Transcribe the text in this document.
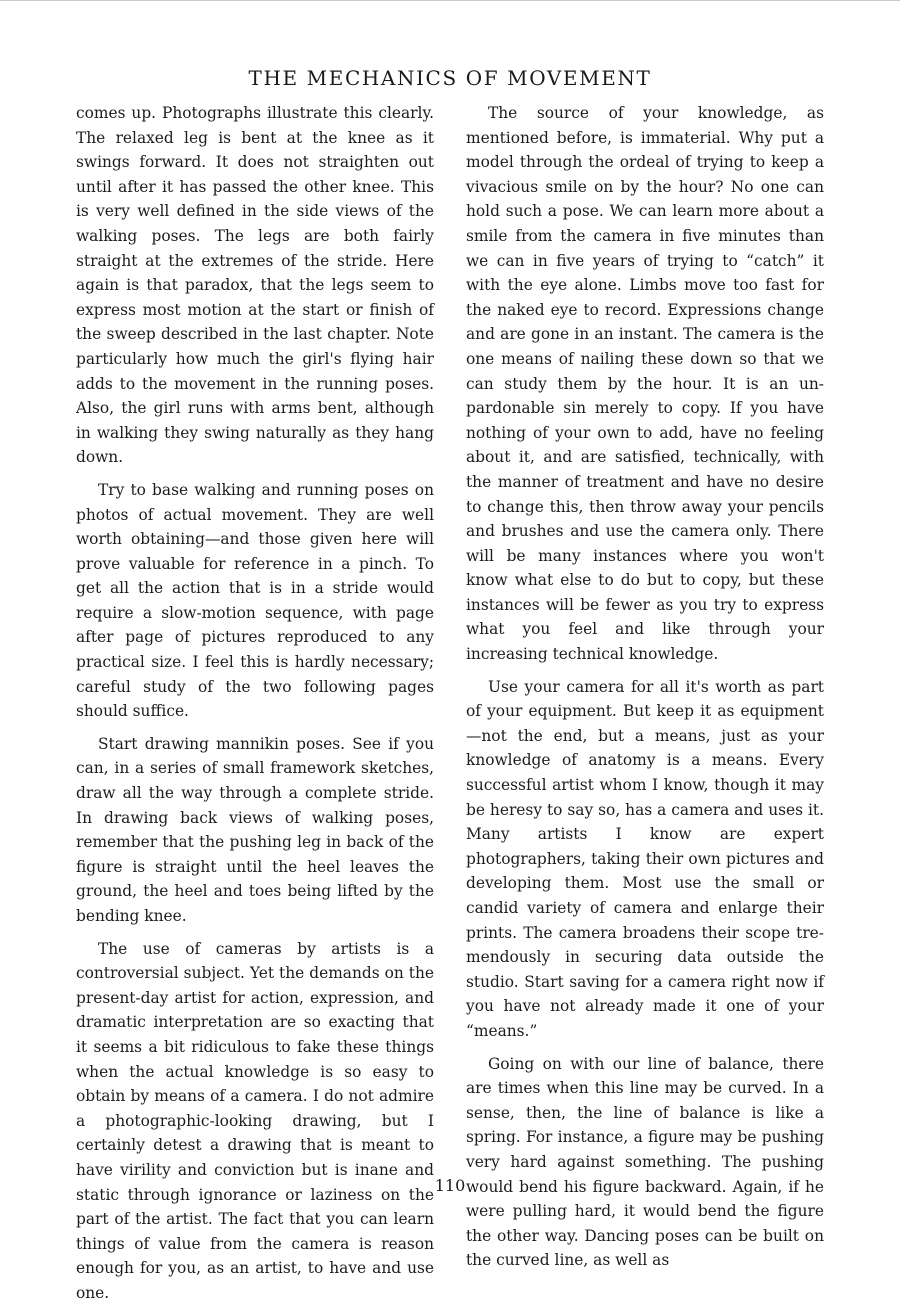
THE MECHANICS OF MOVEMENT

comes up. Photographs illustrate this clearly. The relaxed leg is bent at the knee as it swings forward. It does not straighten out until after it has passed the other knee. This is very well defined in the side views of the walking poses. The legs are both fairly straight at the extremes of the stride. Here again is that paradox, that the legs seem to express most motion at the start or finish of the sweep described in the last chapter. Note particularly how much the girl's flying hair adds to the movement in the running poses. Also, the girl runs with arms bent, although in walking they swing naturally as they hang down.

Try to base walking and running poses on photos of actual movement. They are well worth obtaining—and those given here will prove valuable for reference in a pinch. To get all the action that is in a stride would require a slow-motion sequence, with page after page of pictures reproduced to any practical size. I feel this is hardly necessary; careful study of the two following pages should suffice.

Start drawing mannikin poses. See if you can, in a series of small framework sketches, draw all the way through a complete stride. In drawing back views of walking poses, remember that the pushing leg in back of the figure is straight until the heel leaves the ground, the heel and toes being lifted by the bending knee.

The use of cameras by artists is a controversial subject. Yet the demands on the present-day artist for action, expression, and dramatic interpretation are so exacting that it seems a bit ridiculous to fake these things when the actual knowledge is so easy to obtain by means of a camera. I do not admire a photographic-looking drawing, but I certainly detest a drawing that is meant to have virility and conviction but is inane and static through ignorance or laziness on the part of the artist. The fact that you can learn things of value from the camera is reason enough for you, as an artist, to have and use one.

The source of your knowledge, as mentioned before, is immaterial. Why put a model through the ordeal of trying to keep a vivacious smile on by the hour? No one can hold such a pose. We can learn more about a smile from the camera in five minutes than we can in five years of trying to “catch” it with the eye alone. Limbs move too fast for the naked eye to record. Expressions change and are gone in an instant. The camera is the one means of nailing these down so that we can study them by the hour. It is an unpardonable sin merely to copy. If you have nothing of your own to add, have no feeling about it, and are satisfied, technically, with the manner of treatment and have no desire to change this, then throw away your pencils and brushes and use the camera only. There will be many instances where you won't know what else to do but to copy, but these instances will be fewer as you try to express what you feel and like through your increasing technical knowledge.

Use your camera for all it's worth as part of your equipment. But keep it as equipment—not the end, but a means, just as your knowledge of anatomy is a means. Every successful artist whom I know, though it may be heresy to say so, has a camera and uses it. Many artists I know are expert photographers, taking their own pictures and developing them. Most use the small or candid variety of camera and enlarge their prints. The camera broadens their scope tremendously in securing data outside the studio. Start saving for a camera right now if you have not already made it one of your “means.”

Going on with our line of balance, there are times when this line may be curved. In a sense, then, the line of balance is like a spring. For instance, a figure may be pushing very hard against something. The pushing would bend his figure backward. Again, if he were pulling hard, it would bend the figure the other way. Dancing poses can be built on the curved line, as well as

110
